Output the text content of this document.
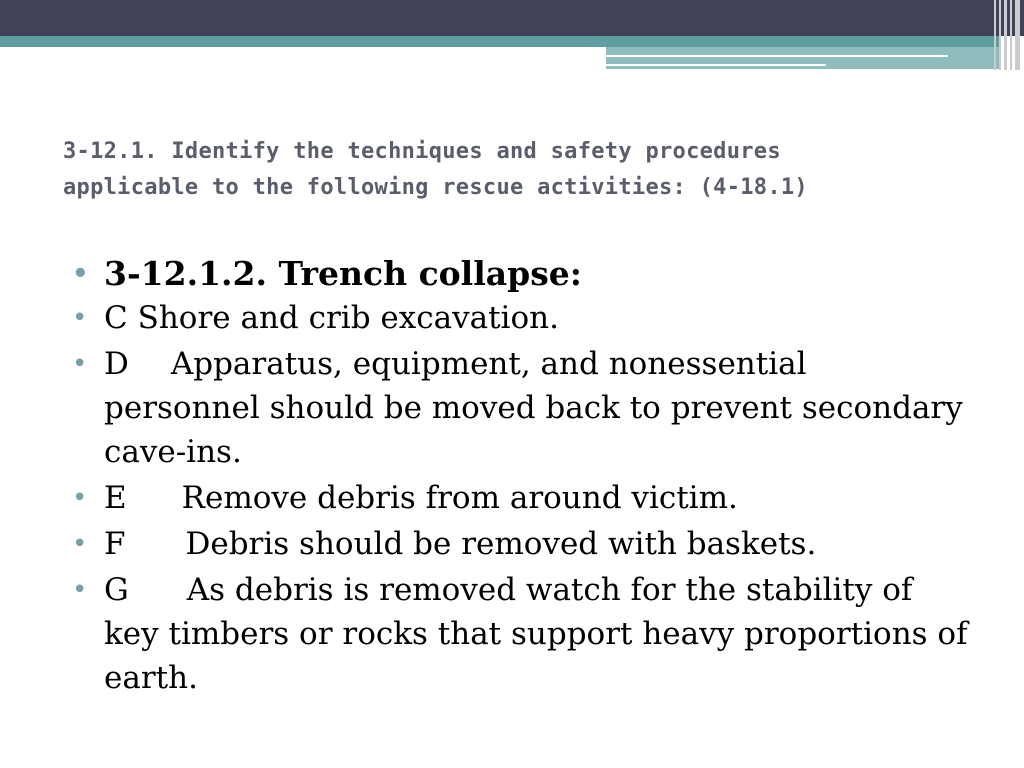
3-12.1. Identify the techniques and safety procedures
applicable to the following rescue activities: (4-18.1)
• 3-12.1.2. Trench collapse:
• C Shore and crib excavation.
• D Apparatus, equipment, and nonessential personnel should be moved back to prevent secondary cave-ins.
• E Remove debris from around victim.
• F Debris should be removed with baskets.
• G As debris is removed watch for the stability of key timbers or rocks that support heavy proportions of earth.
